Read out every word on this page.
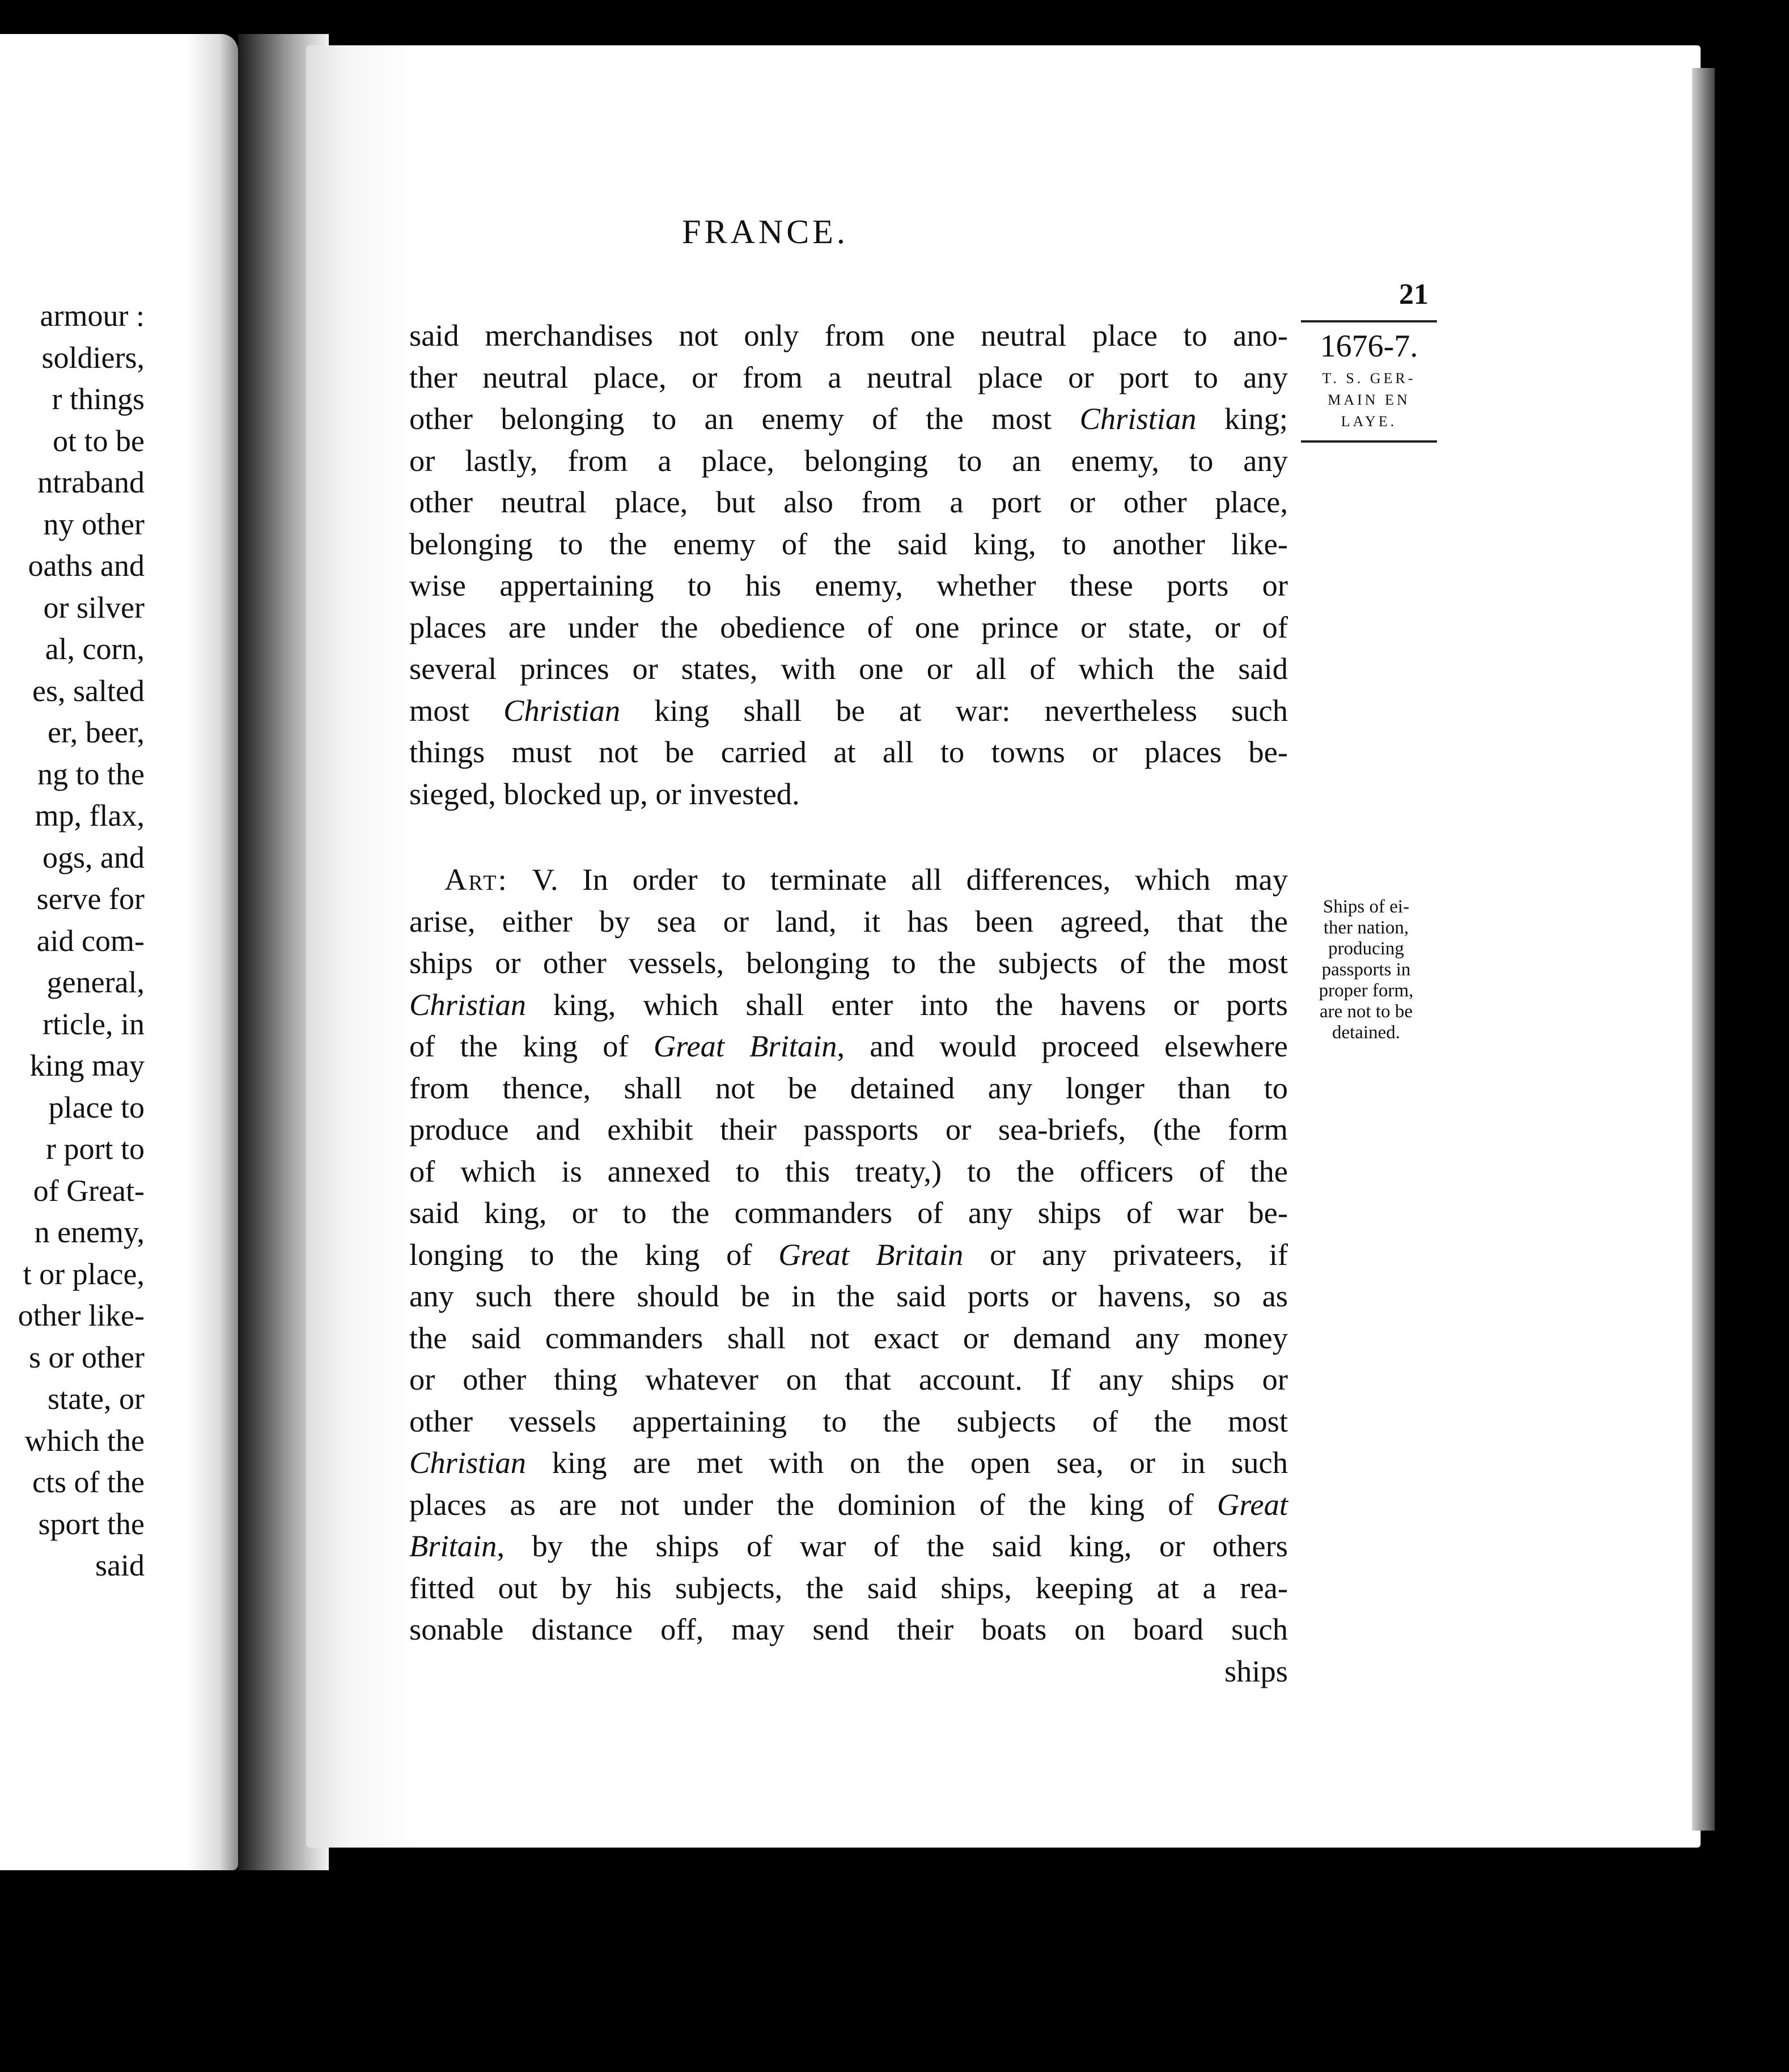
armour :
soldiers,
r things
ot to be
ntraband
ny other
oaths and
or silver
al, corn,
es, salted
er, beer,
ng to the
mp, flax,
ogs, and
serve for
aid com-
general,
rticle, in
king may
place to
r port to
of Great-
n enemy,
t or place,
other like-
s or other
state, or
which the
cts of the
sport the
said
FRANCE.
21
1676-7.
T. S. GER-
MAIN EN
LAYE.
Ships of ei-
ther nation,
producing
passports in
proper form,
are not to be
detained.
said merchandises not only from one neutral place to ano-
ther neutral place, or from a neutral place or port to any
other belonging to an enemy of the most Christian king;
or lastly, from a place, belonging to an enemy, to any
other neutral place, but also from a port or other place,
belonging to the enemy of the said king, to another like-
wise appertaining to his enemy, whether these ports or
places are under the obedience of one prince or state, or of
several princes or states, with one or all of which the said
most Christian king shall be at war: nevertheless such
things must not be carried at all to towns or places be-
sieged, blocked up, or invested.
Art: V. In order to terminate all differences, which may
arise, either by sea or land, it has been agreed, that the
ships or other vessels, belonging to the subjects of the most
Christian king, which shall enter into the havens or ports
of the king of Great Britain, and would proceed elsewhere
from thence, shall not be detained any longer than to
produce and exhibit their passports or sea-briefs, (the form
of which is annexed to this treaty,) to the officers of the
said king, or to the commanders of any ships of war be-
longing to the king of Great Britain or any privateers, if
any such there should be in the said ports or havens, so as
the said commanders shall not exact or demand any money
or other thing whatever on that account. If any ships or
other vessels appertaining to the subjects of the most
Christian king are met with on the open sea, or in such
places as are not under the dominion of the king of Great
Britain, by the ships of war of the said king, or others
fitted out by his subjects, the said ships, keeping at a rea-
sonable distance off, may send their boats on board such
ships
